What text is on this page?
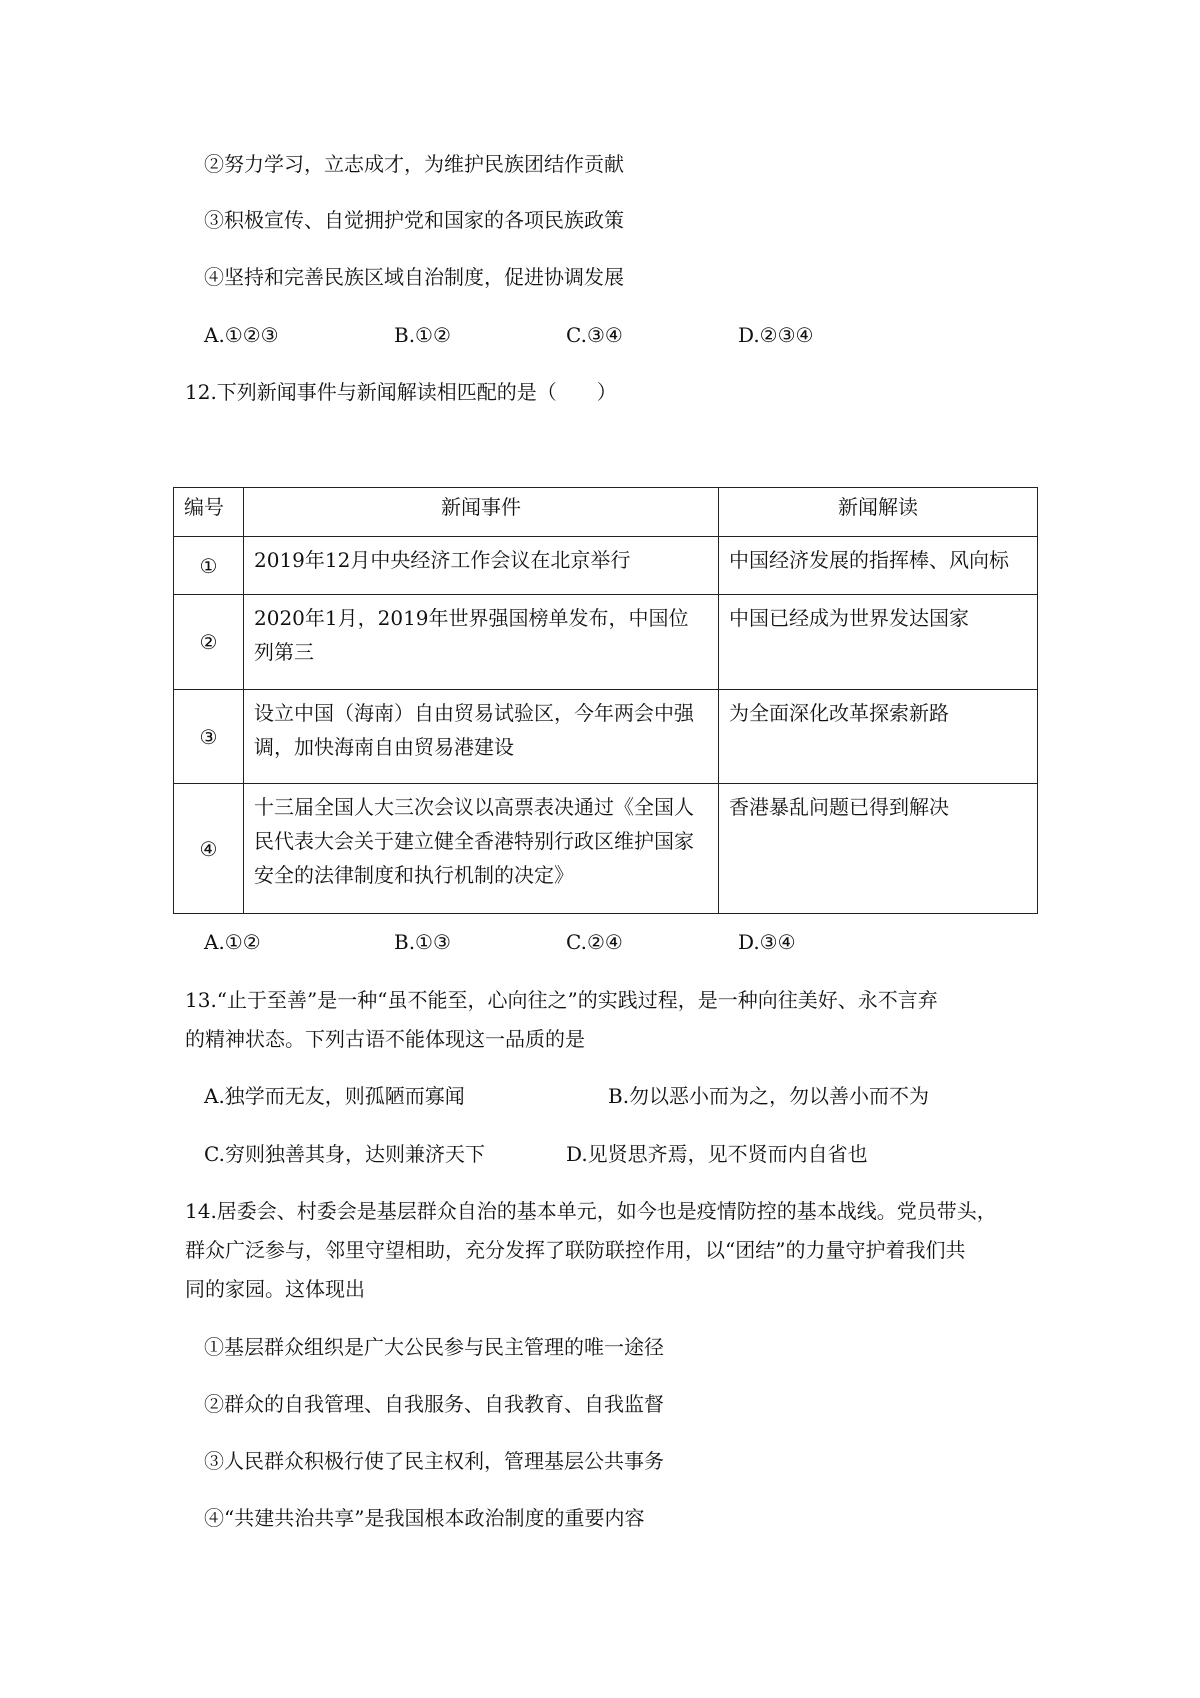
②努力学习，立志成才，为维护民族团结作贡献
③积极宣传、自觉拥护党和国家的各项民族政策
④坚持和完善民族区域自治制度，促进协调发展
A.①②③	B.①②	C.③④	D.②③④
12.下列新闻事件与新闻解读相匹配的是（　　）
编号	新闻事件	新闻解读
①	2019年12月中央经济工作会议在北京举行	中国经济发展的指挥棒、风向标
②	2020年1月，2019年世界强国榜单发布，中国位列第三	中国已经成为世界发达国家
③	设立中国（海南）自由贸易试验区，今年两会中强调，加快海南自由贸易港建设	为全面深化改革探索新路
④	十三届全国人大三次会议以高票表决通过《全国人民代表大会关于建立健全香港特别行政区维护国家安全的法律制度和执行机制的决定》	香港暴乱问题已得到解决
A.①②	B.①③	C.②④	D.③④
13.“止于至善”是一种“虽不能至，心向往之”的实践过程，是一种向往美好、永不言弃
的精神状态。下列古语不能体现这一品质的是
A.独学而无友，则孤陋而寡闻	B.勿以恶小而为之，勿以善小而不为
C.穷则独善其身，达则兼济天下	D.见贤思齐焉，见不贤而内自省也
14.居委会、村委会是基层群众自治的基本单元，如今也是疫情防控的基本战线。党员带头，
群众广泛参与，邻里守望相助，充分发挥了联防联控作用，以“团结”的力量守护着我们共
同的家园。这体现出
①基层群众组织是广大公民参与民主管理的唯一途径
②群众的自我管理、自我服务、自我教育、自我监督
③人民群众积极行使了民主权利，管理基层公共事务
④“共建共治共享”是我国根本政治制度的重要内容
